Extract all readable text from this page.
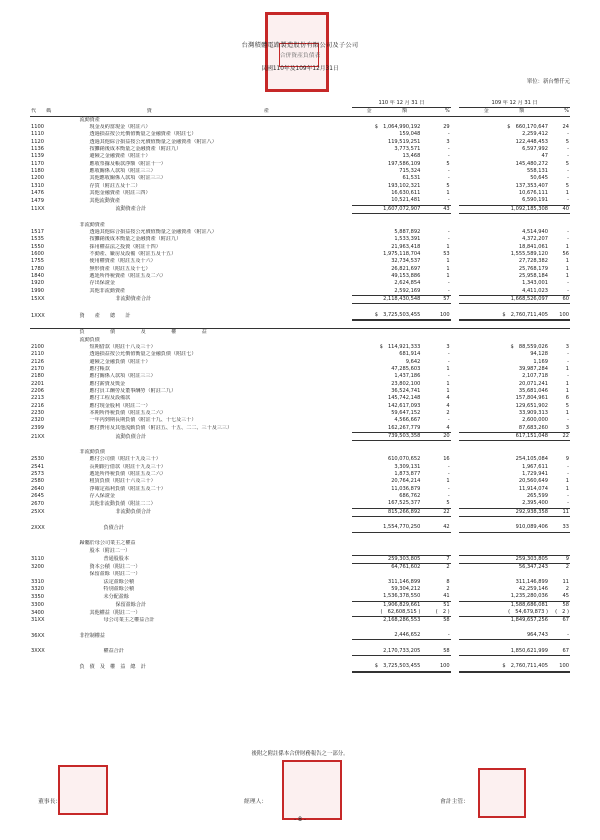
台灣積體電路製造股份有限公司及子公司
合併資產負債表
民國110年及109年12月31日
單位：新台幣仟元
		110 年 12 月 31 日			109 年 12 月 31 日	
代　　碼	資　　　　　　　　　　　　　　　　　　　　　　產	金　　　　　　額	%		金　　　　　　額	%
	流動資產					
1100	現金及約當現金（附註六）	$　1,064,990,192	29		$　660,170,647	24
1110	透過損益按公允價值衡量之金融資產（附註七）	159,048	-		2,259,412	-
1120	透過其他綜合損益按公允價值衡量之金融資產（附註八）	119,519,251	3		122,448,453	5
1136	按攤銷後成本衡量之金融資產（附註九）	3,773,571	-		6,597,992	-
1139	避險之金融資產（附註十）	13,468	-		47	-
1170	應收票據及帳款淨額（附註十一）	197,586,109	5		145,480,272	5
1180	應收關係人款項（附註三三）	715,324	-		558,131	-
1200	其他應收關係人款項（附註三三）	61,531	-		50,645	-
1310	存貨（附註五及十二）	193,102,321	5		137,353,407	5
1476	其他金融資產（附註三四）	16,630,611	1		10,676,111	1
1479	其他流動資產	10,521,481	-		6,590,191	-
11XX	流動資產合計	1,607,072,907	43		1,092,185,308	40

	非流動資產					
1517	透過其他綜合損益按公允價值衡量之金融資產（附註八）	5,887,892	-		4,514,940	-
1535	按攤銷後成本衡量之金融資產（附註九）	1,533,391	-		4,372,207	-
1550	採用權益法之投資（附註十四）	21,963,418	1		18,841,061	1
1600	不動產、廠房及設備（附註五及十五）	1,975,118,704	53		1,555,589,120	56
1755	使用權資產（附註五及十六）	32,734,537	1		27,728,382	1
1780	無形資產（附註五及十七）	26,821,697	1		25,768,179	1
1840	遞延所得稅資產（附註五及二六）	49,153,886	1		25,958,184	1
1920	存出保證金	2,624,854	-		1,343,001	-
1990	其他非流動資產	2,592,169	-		4,411,023	-
15XX	非流動資產合計	2,118,430,548	57		1,668,526,097	60

1XXX	資　　產　　總　　計	$　3,725,503,455	100		$　2,760,711,405	100

	負　　　　　債　　　　　及　　　　　權　　　　　益					
	流動負債					
2100	短期借款（附註十八及三十）	$　114,921,333	3		$　88,559,026	3
2110	透過損益按公允價值衡量之金融負債（附註七）	681,914	-		94,128	-
2126	避險之金融負債（附註十）	9,642	-		1,169	-
2170	應付帳款	47,285,603	1		39,987,284	1
2180	應付關係人款項（附註三三）	1,437,186	-		2,107,718	-
2201	應付薪資及獎金	23,802,100	1		20,071,241	1
2206	應付員工酬勞及董事酬勞（附註二九）	36,524,741	1		35,681,046	1
2213	應付工程及設備款	145,742,148	4		157,804,961	6
2216	應付現金股利（附註二一）	142,617,093	4		129,651,902	5
2230	本期所得稅負債（附註五及二六）	59,647,152	2		33,909,313	1
2320	一年內到期長期負債（附註十九、十七及三十）	4,566,667	-		2,600,000	-
2399	應付費用及其他流動負債（附註五、十五、二二、三十及三三）	162,267,779	4		87,683,260	3
21XX	流動負債合計	739,503,358	20		617,151,048	22

	非流動負債					
2530	應付公司債（附註十九及三十）	610,070,652	16		254,105,084	9
2541	長期銀行借款（附註十九及三十）	3,309,131	-		1,967,611	-
2573	遞延所得稅負債（附註五及二六）	1,873,877	-		1,729,941	-
2580	租賃負債（附註十六及三十）	20,764,214	1		20,560,649	1
2640	淨確定福利負債（附註五及二十）	11,036,879	-		11,914,074	1
2645	存入保證金	686,762	-		265,599	-
2670	其他非流動負債（附註二二）	167,525,377	5		2,395,400	-
25XX	非流動負債合計	815,266,892	22		292,938,358	11

2XXX	負債合計	1,554,770,250	42		910,089,406	33

	歸屬於母公司業主之權益					
	股本（附註二一）					
3110	普通股股本	259,303,805	7		259,303,805	9
3200	資本公積（附註二一）	64,761,602	2		56,347,243	2
	保留盈餘（附註二一）					
3310	法定盈餘公積	311,146,899	8		311,146,899	11
3320	特別盈餘公積	59,304,212	2		42,259,146	2
3350	未分配盈餘	1,536,378,550	41		1,235,280,036	45
3300	保留盈餘合計	1,906,829,661	51		1,588,686,081	58
3400	其他權益（附註二一）	(　62,608,515 )	(　2 )		(　54,679,873 )	(　2 )
31XX	母公司業主之權益合計	2,168,286,553	58		1,849,657,256	67

36XX	非控制權益	2,446,652	-		964,743	-

3XXX	權益合計	2,170,733,205	58		1,850,621,999	67

	負　債　及　權　益　總　計	$　3,725,503,455	100		$　2,760,711,405	100
後附之附註係本合併財務報告之一部分。
董事長：	經理人：	會計主管：
- 8 -
